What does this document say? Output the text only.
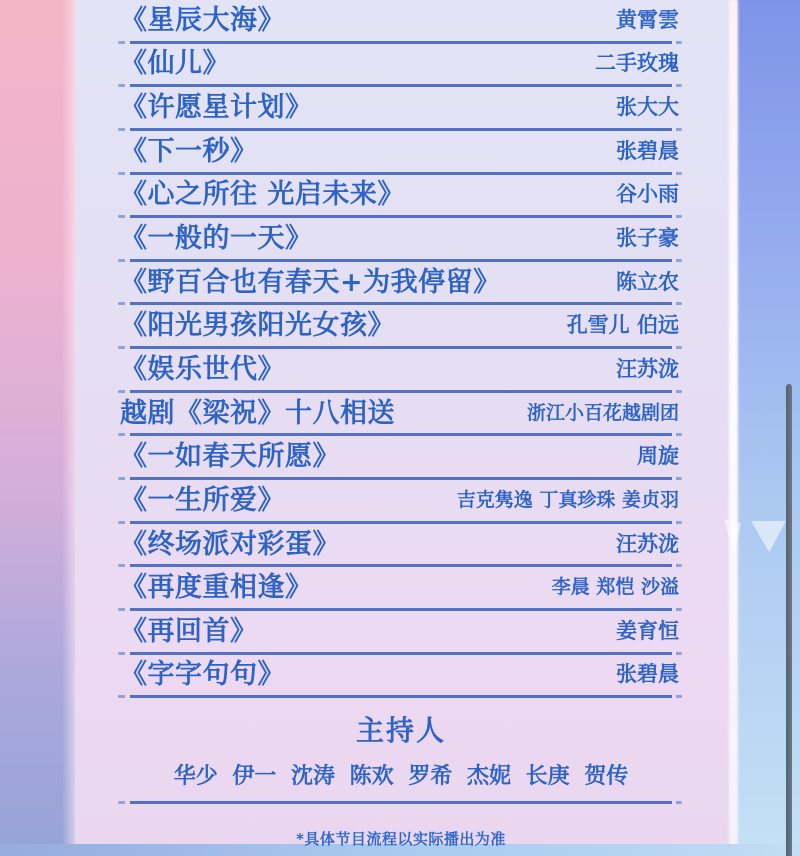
《星辰大海》	黄霄雲
《仙儿》	二手玫瑰
《许愿星计划》	张大大
《下一秒》	张碧晨
《心之所往 光启未来》	谷小雨
《一般的一天》	张子豪
《野百合也有春天+为我停留》	陈立农
《阳光男孩阳光女孩》	孔雪儿 伯远
《娱乐世代》	汪苏泷
越剧《梁祝》十八相送	浙江小百花越剧团
《一如春天所愿》	周旋
《一生所爱》	吉克隽逸 丁真珍珠 姜贞羽
《终场派对彩蛋》	汪苏泷
《再度重相逢》	李晨 郑恺 沙溢
《再回首》	姜育恒
《字字句句》	张碧晨
主持人
华少 伊一 沈涛 陈欢 罗希 杰妮 长庚 贺传
*具体节目流程以实际播出为准
